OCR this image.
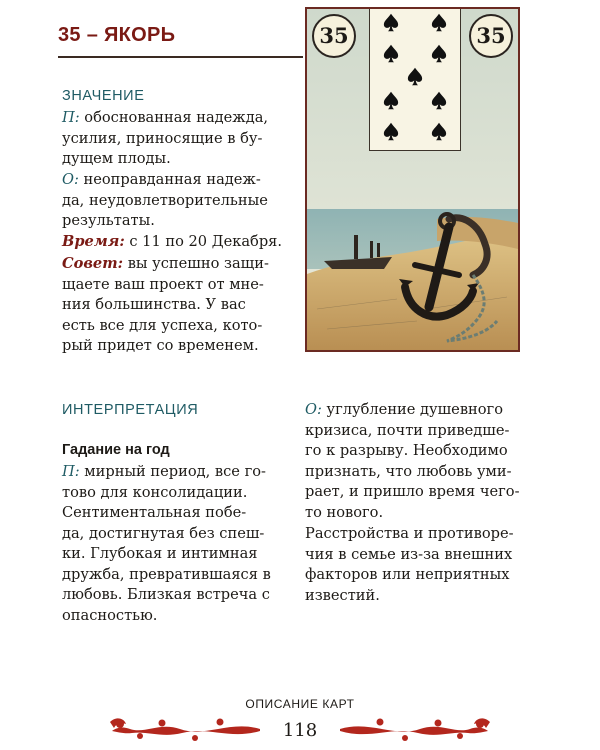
35 – ЯКОРЬ	35	35
ЗНАЧЕНИЕ
П: обоснованная надежда,
усилия, приносящие в бу-
дущем плоды.
О: неоправданная надеж-
да, неудовлетворительные
результаты.
Время: с 11 по 20 Декабря.
Совет: вы успешно защи-
щаете ваш проект от мне-
ния большинства. У вас
есть все для успеха, кото-
рый придет со временем.
ИНТЕРПРЕТАЦИЯ
Гадание на год
П: мирный период, все го-
тово для консолидации.
Сентиментальная побе-
да, достигнутая без спеш-
ки. Глубокая и интимная
дружба, превратившаяся в
любовь. Близкая встреча с
опасностью.
О: углубление душевного
кризиса, почти приведше-
го к разрыву. Необходимо
признать, что любовь уми-
рает, и пришло время чего-
то нового.
Расстройства и противоре-
чия в семье из-за внешних
факторов или неприятных
известий.
ОПИСАНИЕ КАРТ
118
